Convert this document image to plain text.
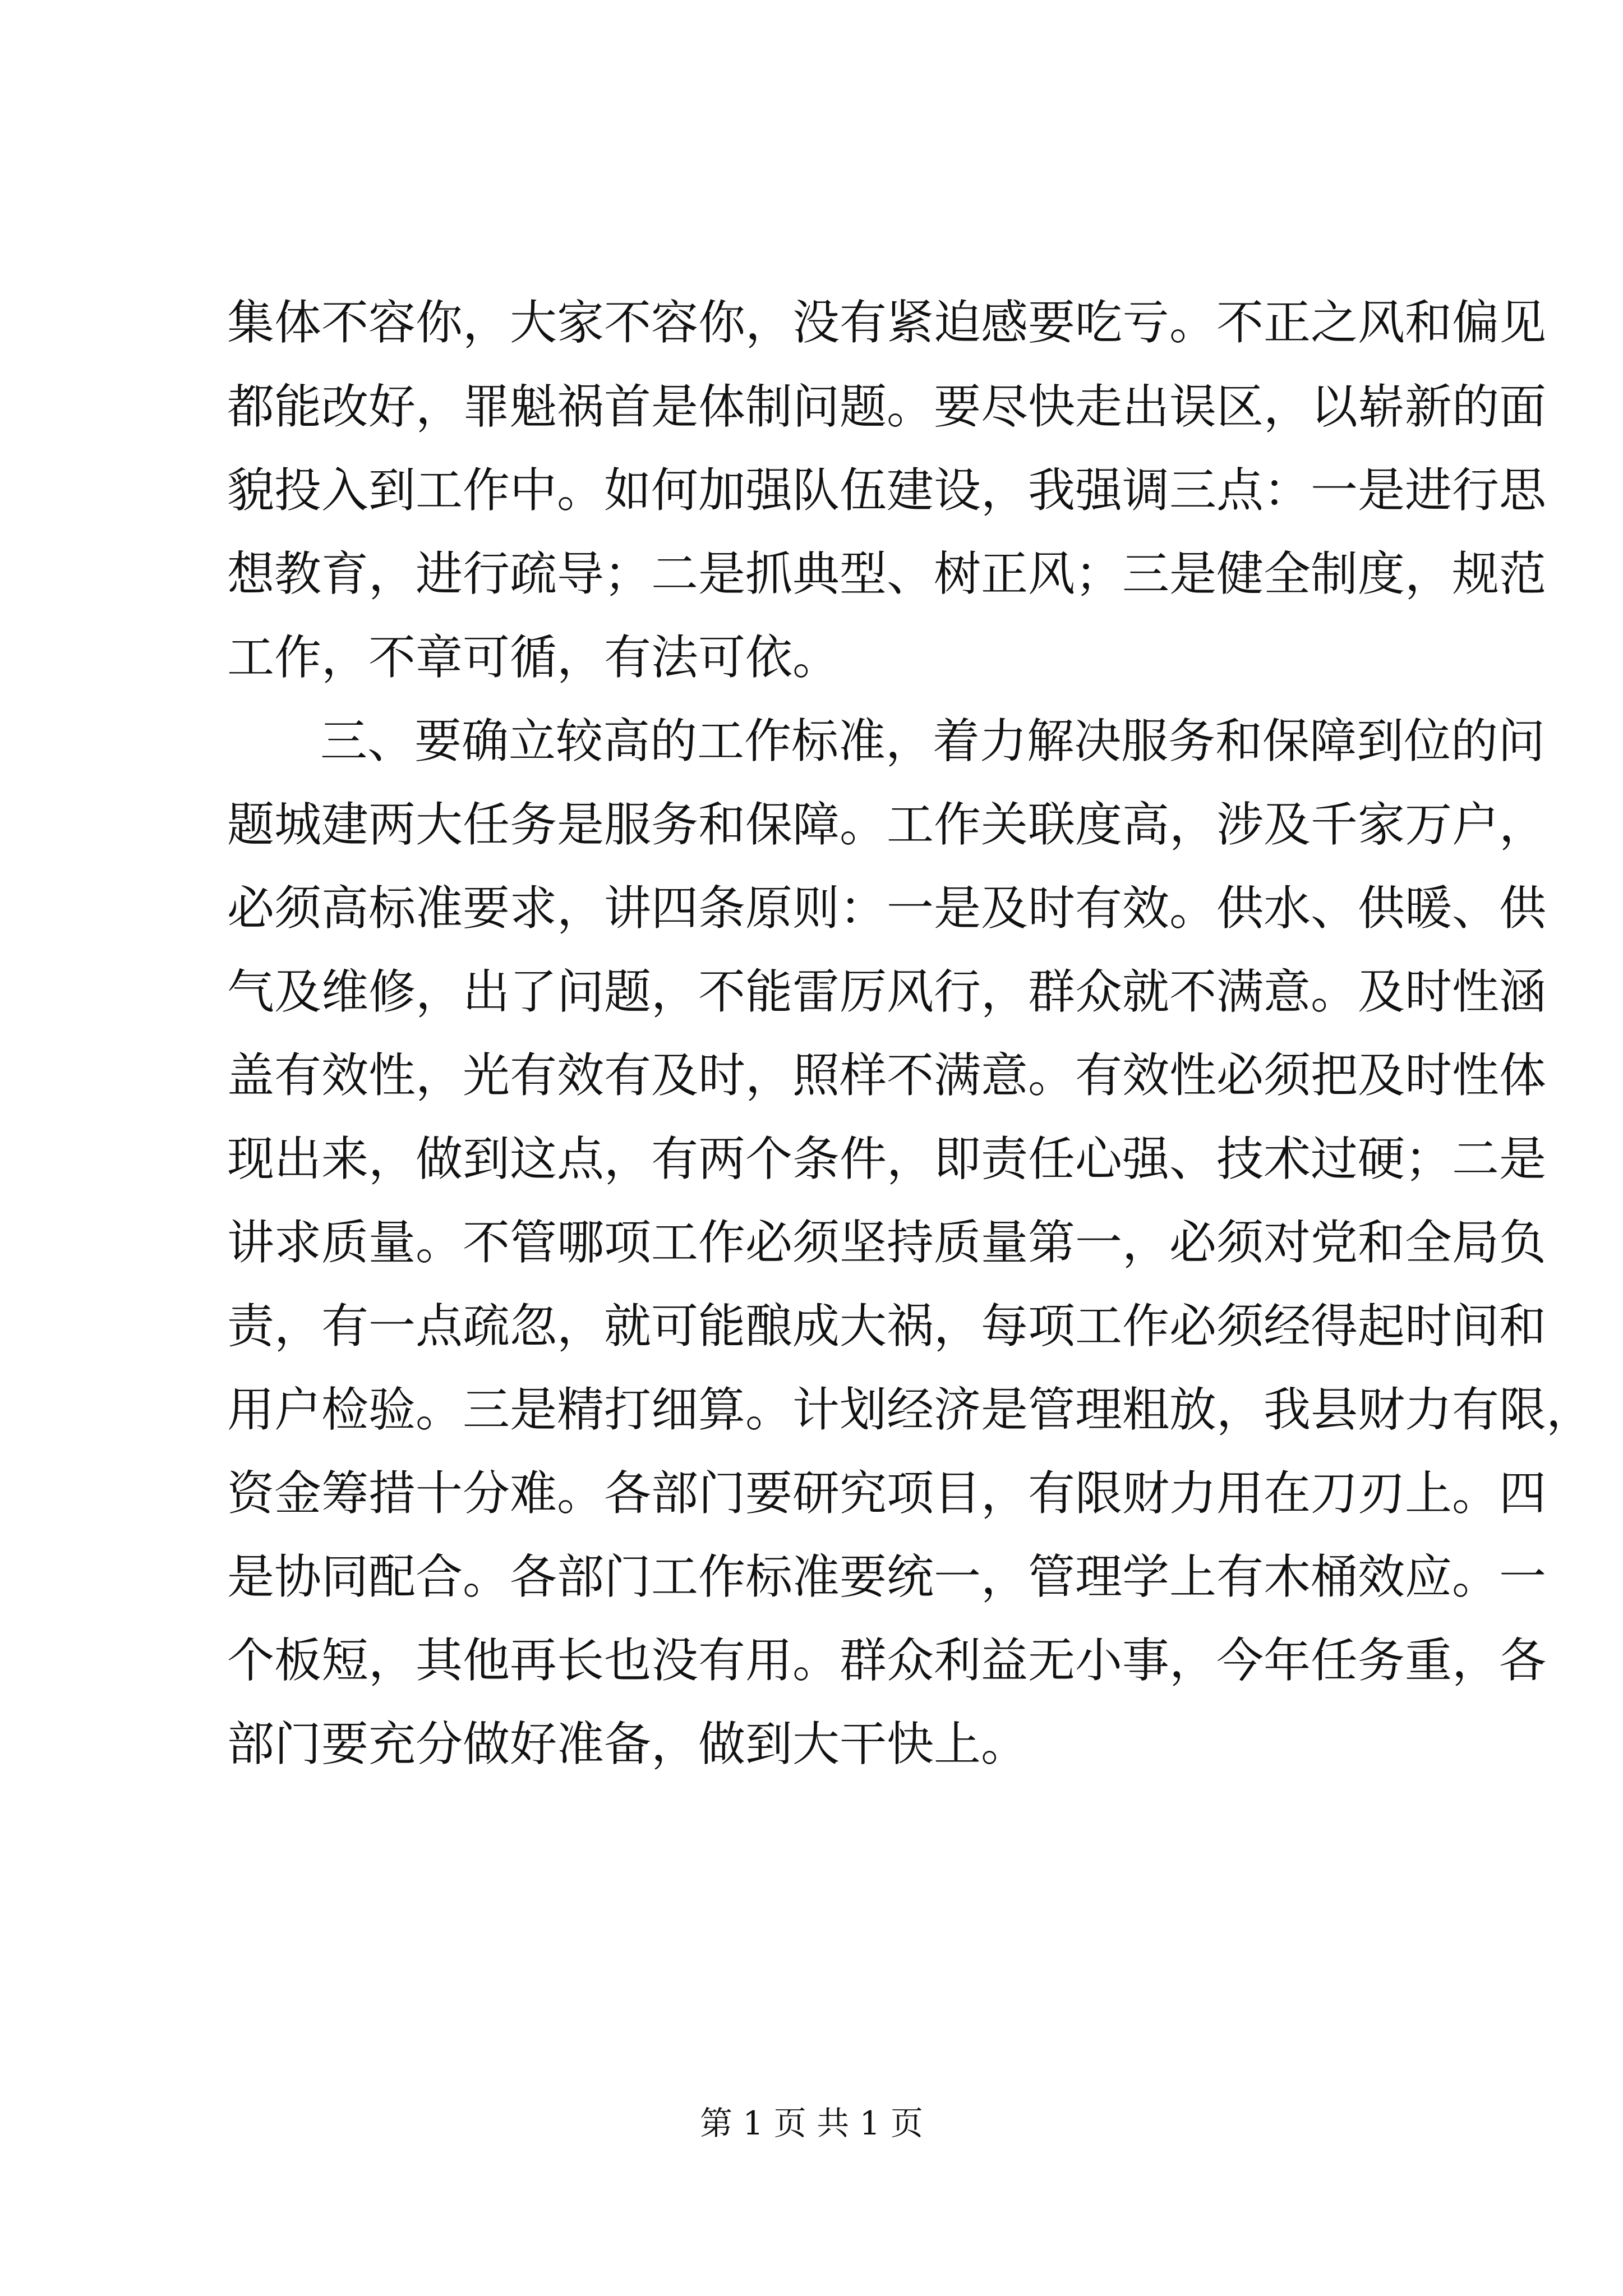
集体不容你，大家不容你，没有紧迫感要吃亏。不正之风和偏见

都能改好，罪魁祸首是体制问题。要尽快走出误区，以崭新的面

貌投入到工作中。如何加强队伍建设，我强调三点：一是进行思

想教育，进行疏导；二是抓典型、树正风；三是健全制度，规范

工作，不章可循，有法可依。

三、要确立较高的工作标准，着力解决服务和保障到位的问

题城建两大任务是服务和保障。工作关联度高，涉及千家万户，

必须高标准要求，讲四条原则：一是及时有效。供水、供暖、供

气及维修，出了问题，不能雷厉风行，群众就不满意。及时性涵

盖有效性，光有效有及时，照样不满意。有效性必须把及时性体

现出来，做到这点，有两个条件，即责任心强、技术过硬；二是

讲求质量。不管哪项工作必须坚持质量第一，必须对党和全局负

责，有一点疏忽，就可能酿成大祸，每项工作必须经得起时间和

用户检验。三是精打细算。计划经济是管理粗放，我县财力有限，

资金筹措十分难。各部门要研究项目，有限财力用在刀刃上。四

是协同配合。各部门工作标准要统一，管理学上有木桶效应。一

个板短，其他再长也没有用。群众利益无小事，今年任务重，各

部门要充分做好准备，做到大干快上。

第 1 页 共 1 页
